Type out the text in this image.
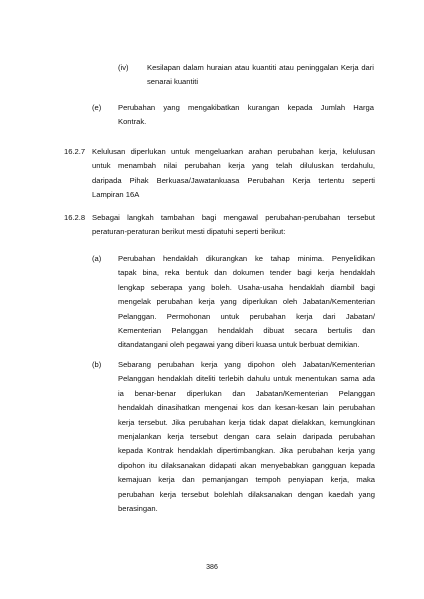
(iv) Kesilapan dalam huraian atau kuantiti atau peninggalan Kerja dari
senarai kuantiti
(e) Perubahan yang mengakibatkan kurangan kepada Jumlah Harga
Kontrak.
16.2.7 Kelulusan diperlukan untuk mengeluarkan arahan perubahan kerja, kelulusan
untuk menambah nilai perubahan kerja yang telah diluluskan terdahulu,
daripada Pihak Berkuasa/Jawatankuasa Perubahan Kerja tertentu seperti
Lampiran 16A
16.2.8 Sebagai langkah tambahan bagi mengawal perubahan-perubahan tersebut
peraturan-peraturan berikut mesti dipatuhi seperti berikut:
(a) Perubahan hendaklah dikurangkan ke tahap minima. Penyelidikan
tapak bina, reka bentuk dan dokumen tender bagi kerja hendaklah
lengkap seberapa yang boleh. Usaha-usaha hendaklah diambil bagi
mengelak perubahan kerja yang diperlukan oleh Jabatan/Kementerian
Pelanggan. Permohonan untuk perubahan kerja dari Jabatan/
Kementerian Pelanggan hendaklah dibuat secara bertulis dan
ditandatangani oleh pegawai yang diberi kuasa untuk berbuat demikian.
(b) Sebarang perubahan kerja yang dipohon oleh Jabatan/Kementerian
Pelanggan hendaklah diteliti terlebih dahulu untuk menentukan sama ada
ia benar-benar diperlukan dan Jabatan/Kementerian Pelanggan
hendaklah dinasihatkan mengenai kos dan kesan-kesan lain perubahan
kerja tersebut. Jika perubahan kerja tidak dapat dielakkan, kemungkinan
menjalankan kerja tersebut dengan cara selain daripada perubahan
kepada Kontrak hendaklah dipertimbangkan. Jika perubahan kerja yang
dipohon itu dilaksanakan didapati akan menyebabkan gangguan kepada
kemajuan kerja dan pemanjangan tempoh penyiapan kerja, maka
perubahan kerja tersebut bolehlah dilaksanakan dengan kaedah yang
berasingan.
386
